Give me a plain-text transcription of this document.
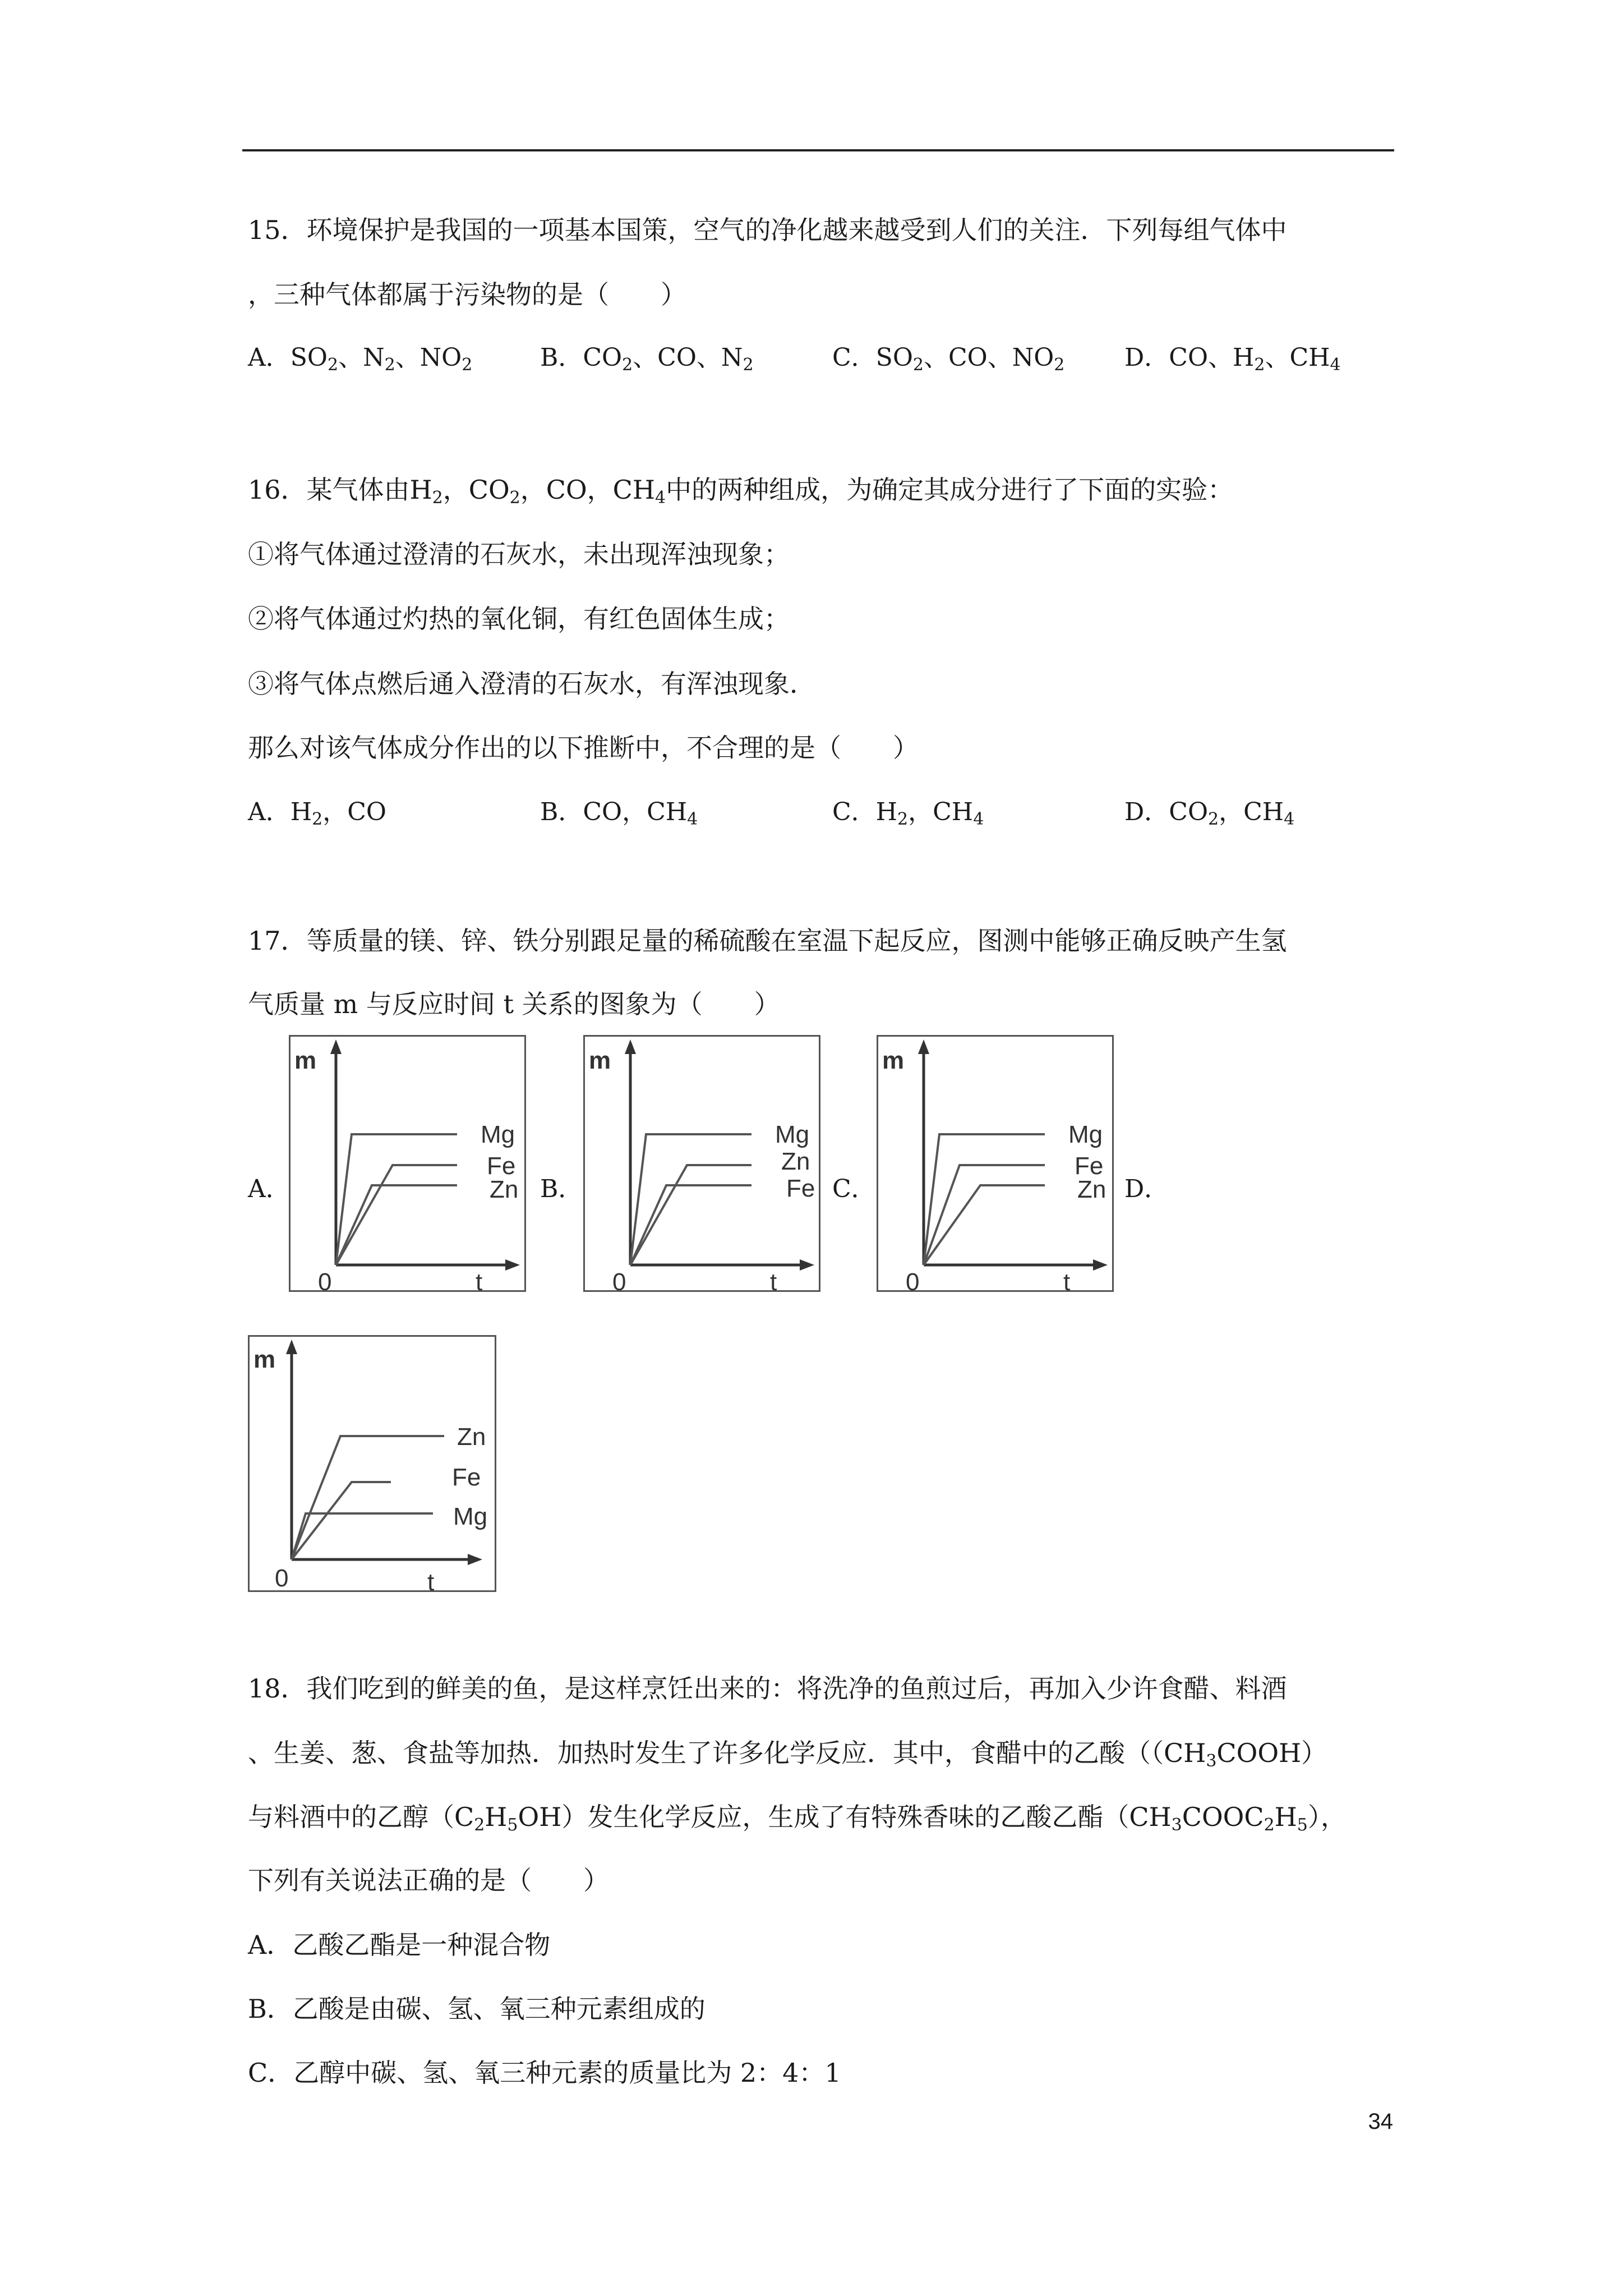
15．环境保护是我国的一项基本国策，空气的净化越来越受到人们的关注．下列每组气体中
，三种气体都属于污染物的是（　　）
A．$SO_2$、$N_2$、$NO_2$	B．$CO_2$、CO、$N_2$	C．$SO_2$、CO、$NO_2$ D．CO、$H_2$、$CH_4$
16．某气体由$H_2$，$CO_2$，CO，$CH_4$中的两种组成，为确定其成分进行了下面的实验：
①将气体通过澄清的石灰水，未出现浑浊现象；
②将气体通过灼热的氧化铜，有红色固体生成；
③将气体点燃后通入澄清的石灰水，有浑浊现象．
那么对该气体成分作出的以下推断中，不合理的是（　　）
A．$H_2$，CO	B．CO，$CH_4$	C．$H_2$，$CH_4$	D．$CO_2$，$CH_4$
17．等质量的镁、锌、铁分别跟足量的稀硫酸在室温下起反应，图测中能够正确反映产生氢
气质量 m 与反应时间 t 关系的图象为（　　）
A．	B．	C．	D．
m
0	t
Mg
Fe
Zn
m
0	t
Mg
Zn
Fe
m
0	t
Mg
Fe
Zn
m
0	t
Zn
Fe
Mg
18．我们吃到的鲜美的鱼，是这样烹饪出来的：将洗净的鱼煎过后，再加入少许食醋、料酒
、生姜、葱、食盐等加热．加热时发生了许多化学反应．其中，食醋中的乙酸（$(CH_3COOH)$
与料酒中的乙醇$(C_2H_5OH)$发生化学反应，生成了有特殊香味的乙酸乙酯$(CH_3COOC_2H_5)$，
下列有关说法正确的是（　　）
A．乙酸乙酯是一种混合物
B．乙酸是由碳、氢、氧三种元素组成的
C．乙醇中碳、氢、氧三种元素的质量比为 2：4：1
34
